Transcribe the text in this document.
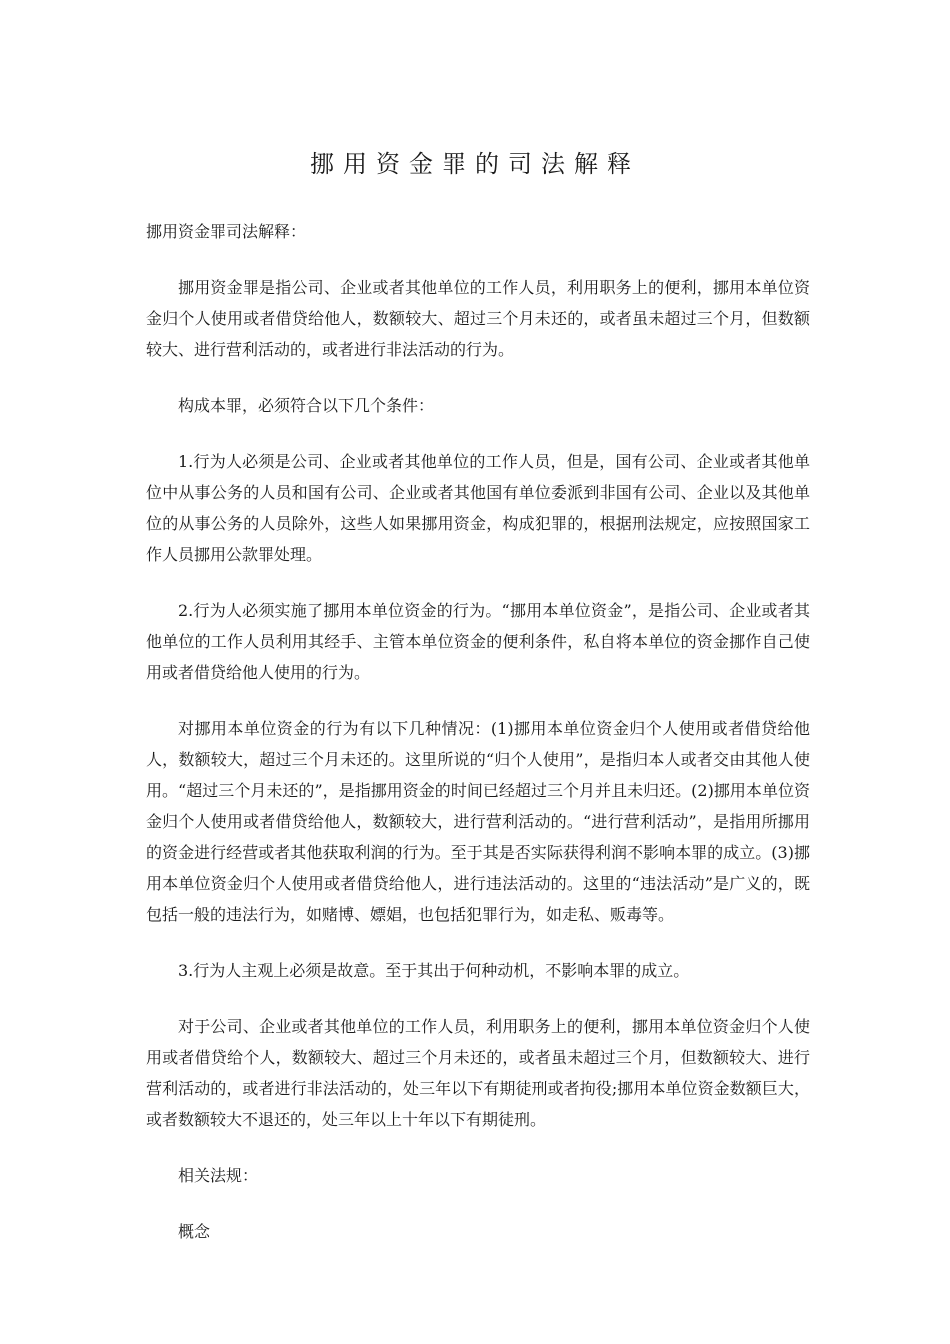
挪用资金罪的司法解释

挪用资金罪司法解释：

挪用资金罪是指公司、企业或者其他单位的工作人员，利用职务上的便利，挪用本单位资金归个人使用或者借贷给他人，数额较大、超过三个月未还的，或者虽未超过三个月，但数额较大、进行营利活动的，或者进行非法活动的行为。

构成本罪，必须符合以下几个条件：

1.行为人必须是公司、企业或者其他单位的工作人员，但是，国有公司、企业或者其他单位中从事公务的人员和国有公司、企业或者其他国有单位委派到非国有公司、企业以及其他单位的从事公务的人员除外，这些人如果挪用资金，构成犯罪的，根据刑法规定，应按照国家工作人员挪用公款罪处理。

2.行为人必须实施了挪用本单位资金的行为。“挪用本单位资金”，是指公司、企业或者其他单位的工作人员利用其经手、主管本单位资金的便利条件，私自将本单位的资金挪作自己使用或者借贷给他人使用的行为。

对挪用本单位资金的行为有以下几种情况：(1)挪用本单位资金归个人使用或者借贷给他人，数额较大，超过三个月未还的。这里所说的“归个人使用”，是指归本人或者交由其他人使用。“超过三个月未还的”，是指挪用资金的时间已经超过三个月并且未归还。(2)挪用本单位资金归个人使用或者借贷给他人，数额较大，进行营利活动的。“进行营利活动”，是指用所挪用的资金进行经营或者其他获取利润的行为。至于其是否实际获得利润不影响本罪的成立。(3)挪用本单位资金归个人使用或者借贷给他人，进行违法活动的。这里的“违法活动”是广义的，既包括一般的违法行为，如赌博、嫖娼，也包括犯罪行为，如走私、贩毒等。

3.行为人主观上必须是故意。至于其出于何种动机，不影响本罪的成立。

对于公司、企业或者其他单位的工作人员，利用职务上的便利，挪用本单位资金归个人使用或者借贷给个人，数额较大、超过三个月未还的，或者虽未超过三个月，但数额较大、进行营利活动的，或者进行非法活动的，处三年以下有期徒刑或者拘役;挪用本单位资金数额巨大，或者数额较大不退还的，处三年以上十年以下有期徒刑。

相关法规：

概念
